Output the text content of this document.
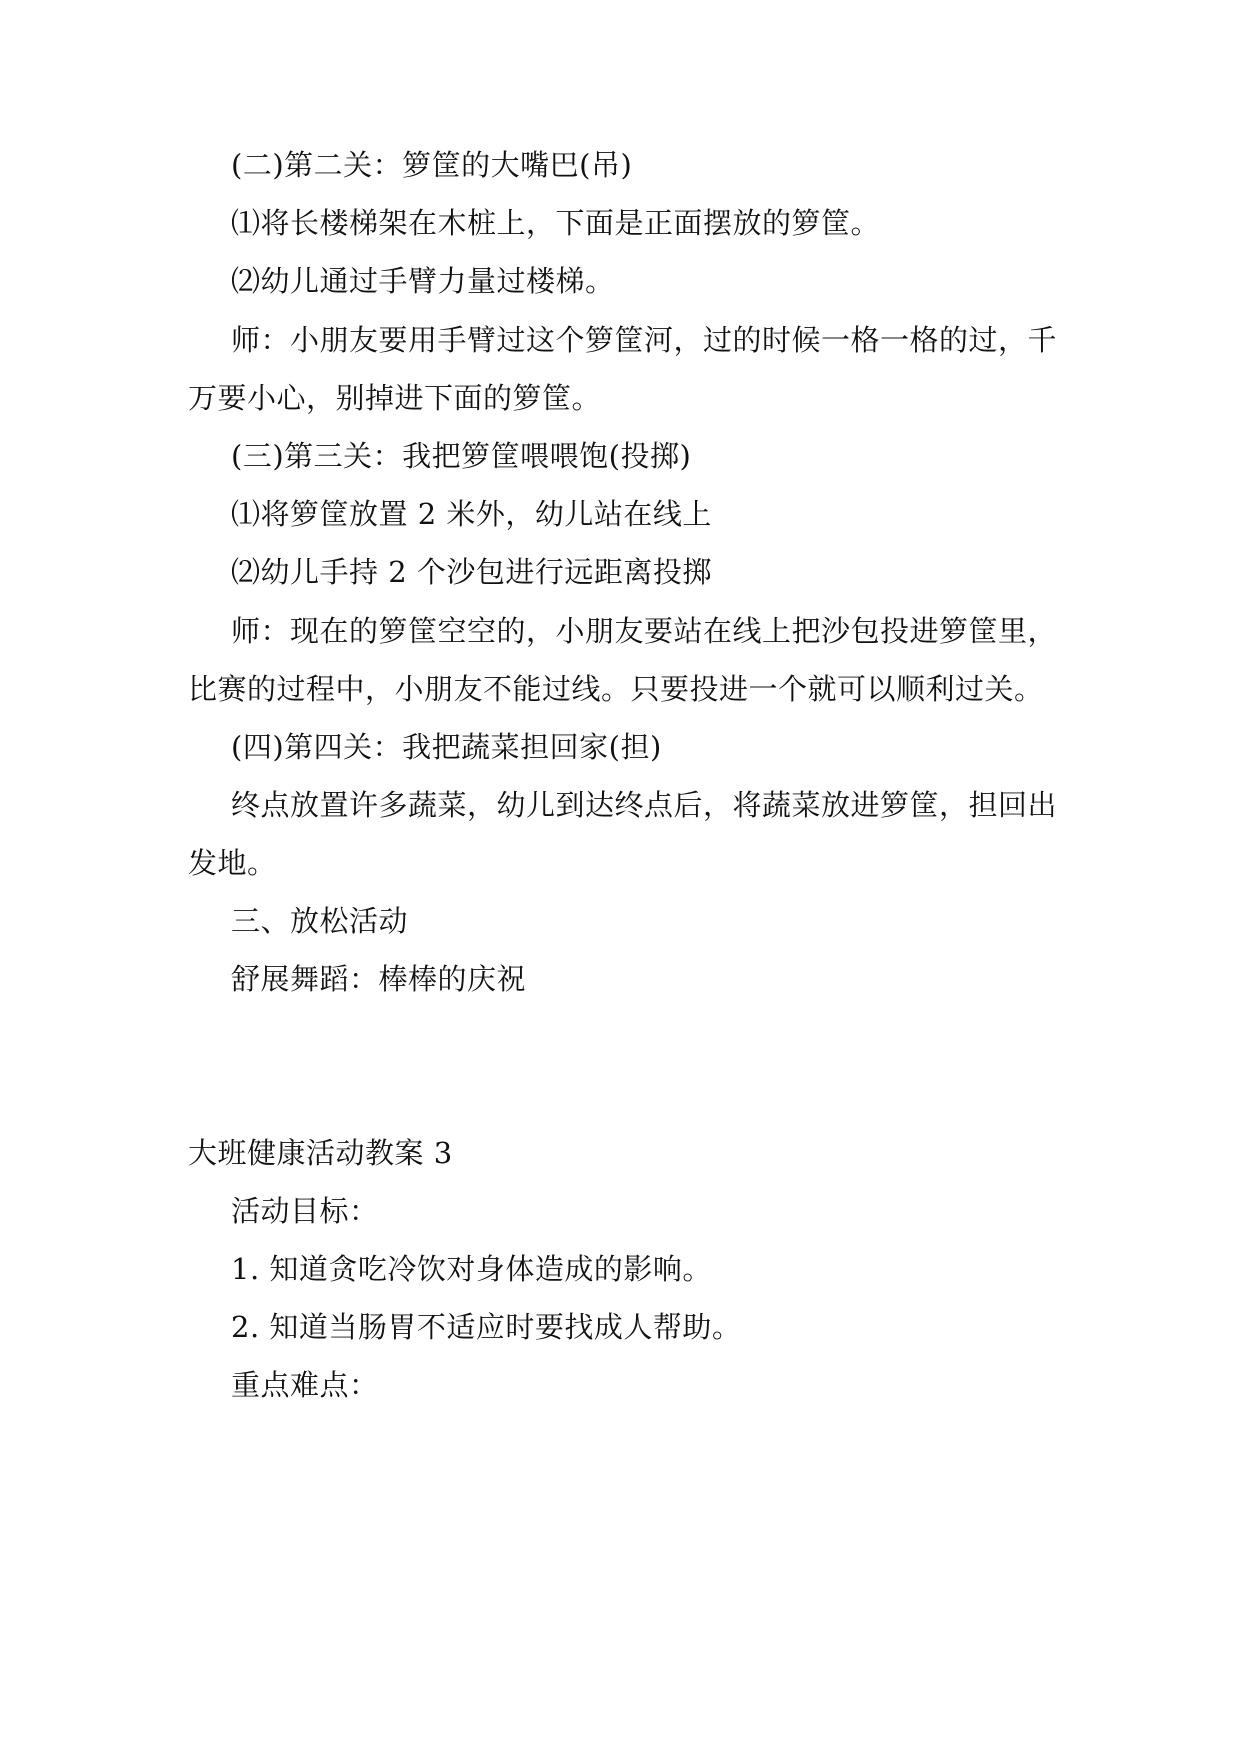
(二)第二关：箩筐的大嘴巴(吊)
⑴将长楼梯架在木桩上，下面是正面摆放的箩筐。
⑵幼儿通过手臂力量过楼梯。
师：小朋友要用手臂过这个箩筐河，过的时候一格一格的过，千
万要小心，别掉进下面的箩筐。
(三)第三关：我把箩筐喂喂饱(投掷)
⑴将箩筐放置 2 米外，幼儿站在线上
⑵幼儿手持 2 个沙包进行远距离投掷
师：现在的箩筐空空的，小朋友要站在线上把沙包投进箩筐里，
比赛的过程中，小朋友不能过线。只要投进一个就可以顺利过关。
(四)第四关：我把蔬菜担回家(担)
终点放置许多蔬菜，幼儿到达终点后，将蔬菜放进箩筐，担回出
发地。
三、放松活动
舒展舞蹈：棒棒的庆祝
大班健康活动教案 3
活动目标：
1. 知道贪吃冷饮对身体造成的影响。
2. 知道当肠胃不适应时要找成人帮助。
重点难点：
